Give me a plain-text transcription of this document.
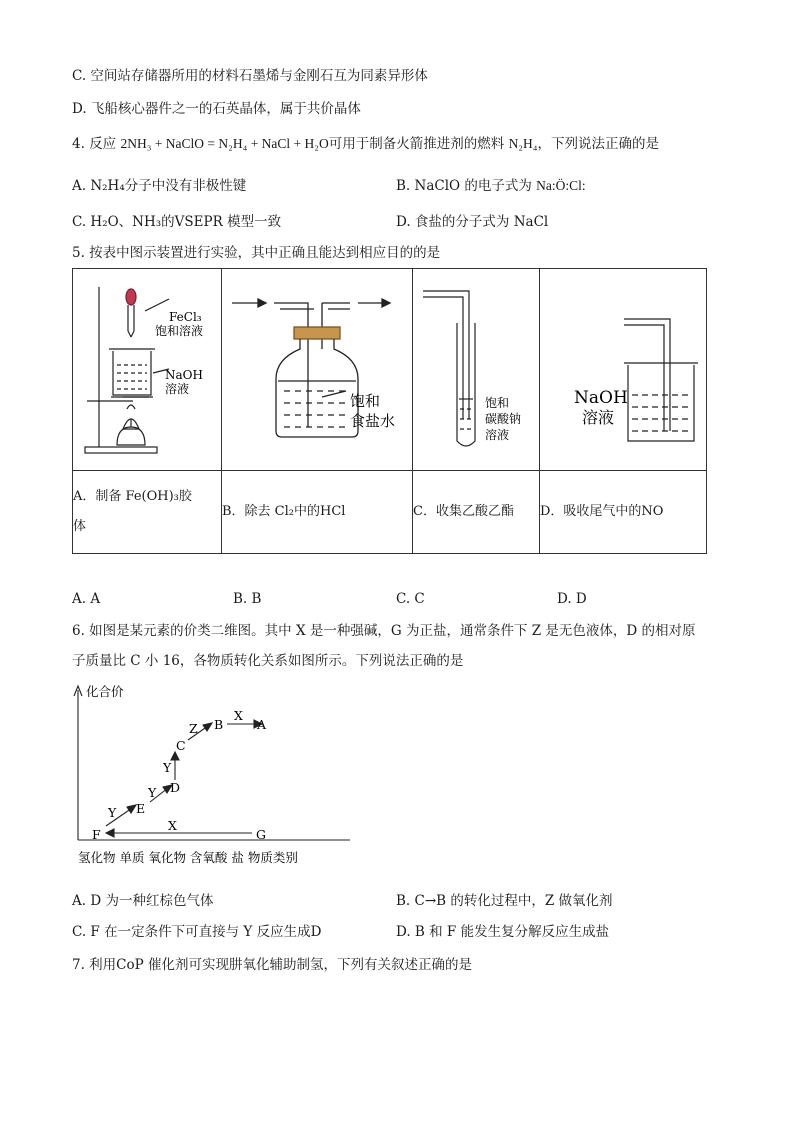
C. 空间站存储器所用的材料石墨烯与金刚石互为同素异形体
D. 飞船核心器件之一的石英晶体，属于共价晶体
4. 反应 2NH₃ + NaClO = N₂H₄ + NaCl + H₂O可用于制备火箭推进剂的燃料 N₂H₄，下列说法正确的是
A. N₂H₄分子中没有非极性键	B. NaClO 的电子式为 Na:Ö:Cl:
C. H₂O、NH₃的VSEPR 模型一致	D. 食盐的分子式为 NaCl
5. 按表中图示装置进行实验，其中正确且能达到相应目的的是
FeCl₃
饱和溶液
NaOH
溶液	饱和
食盐水	饱和
碳酸钠
溶液	NaOH
溶液

A．制备 Fe(OH)₃胶
体	B．除去 Cl₂中的HCl	C．收集乙酸乙酯	D．吸收尾气中的NO
A. A	B. B	C. C	D. D
6. 如图是某元素的价类二维图。其中 X 是一种强碱，G 为正盐，通常条件下 Z 是无色液体，D 的相对原
子质量比 C 小 16，各物质转化关系如图所示。下列说法正确的是
化合价
F
E
D
C
B	A
G
Y
Y
Y
Z
X
X
氢化物 单质 氧化物 含氧酸 盐 物质类别
A. D 为一种红棕色气体	B. C→B 的转化过程中，Z 做氧化剂
C. F 在一定条件下可直接与 Y 反应生成D	D. B 和 F 能发生复分解反应生成盐
7. 利用CoP 催化剂可实现肼氧化辅助制氢，下列有关叙述正确的是
